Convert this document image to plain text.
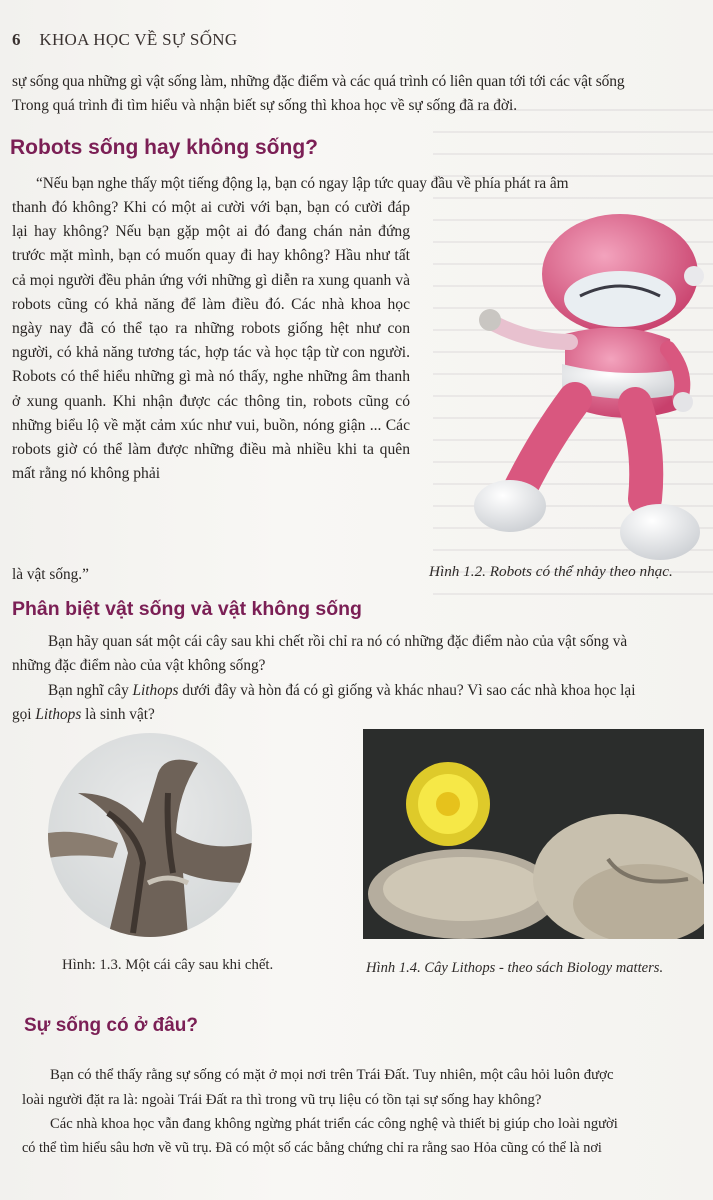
6 KHOA HỌC VỀ SỰ SỐNG
sự sống qua những gì vật sống làm, những đặc điểm và các quá trình có liên quan tới tới các vật sống
Trong quá trình đi tìm hiểu và nhận biết sự sống thì khoa học về sự sống đã ra đời.
Robots sống hay không sống?
“Nếu bạn nghe thấy một tiếng động lạ, bạn có ngay lập tức quay đầu về phía phát ra âm
thanh đó không? Khi có một ai cười với bạn, bạn có cười đáp lại hay không? Nếu bạn gặp một ai đó đang chán nản đứng trước mặt mình, bạn có muốn quay đi hay không? Hầu như tất cả mọi người đều phản ứng với những gì diễn ra xung quanh và robots cũng có khả năng để làm điều đó. Các nhà khoa học ngày nay đã có thể tạo ra những robots giống hệt như con người, có khả năng tương tác, hợp tác và học tập từ con người. Robots có thể hiểu những gì mà nó thấy, nghe những âm thanh ở xung quanh. Khi nhận được các thông tin, robots cũng có những biểu lộ về mặt cảm xúc như vui, buồn, nóng giận ... Các robots giờ có thể làm được những điều mà nhiều khi ta quên mất rằng nó không phải
là vật sống.”	Hình 1.2. Robots có thể nhảy theo nhạc.
Phân biệt vật sống và vật không sống
Bạn hãy quan sát một cái cây sau khi chết rồi chỉ ra nó có những đặc điểm nào của vật sống và
những đặc điểm nào của vật không sống?
Bạn nghĩ cây Lithops dưới đây và hòn đá có gì giống và khác nhau? Vì sao các nhà khoa học lại
gọi Lithops là sinh vật?
Hình: 1.3. Một cái cây sau khi chết.	Hình 1.4. Cây Lithops - theo sách Biology matters.
Sự sống có ở đâu?
Bạn có thể thấy rằng sự sống có mặt ở mọi nơi trên Trái Đất. Tuy nhiên, một câu hỏi luôn được
loài người đặt ra là: ngoài Trái Đất ra thì trong vũ trụ liệu có tồn tại sự sống hay không?
Các nhà khoa học vẫn đang không ngừng phát triển các công nghệ và thiết bị giúp cho loài người
có thể tìm hiểu sâu hơn về vũ trụ. Đã có một số các bằng chứng chỉ ra rằng sao Hỏa cũng có thể là nơi
